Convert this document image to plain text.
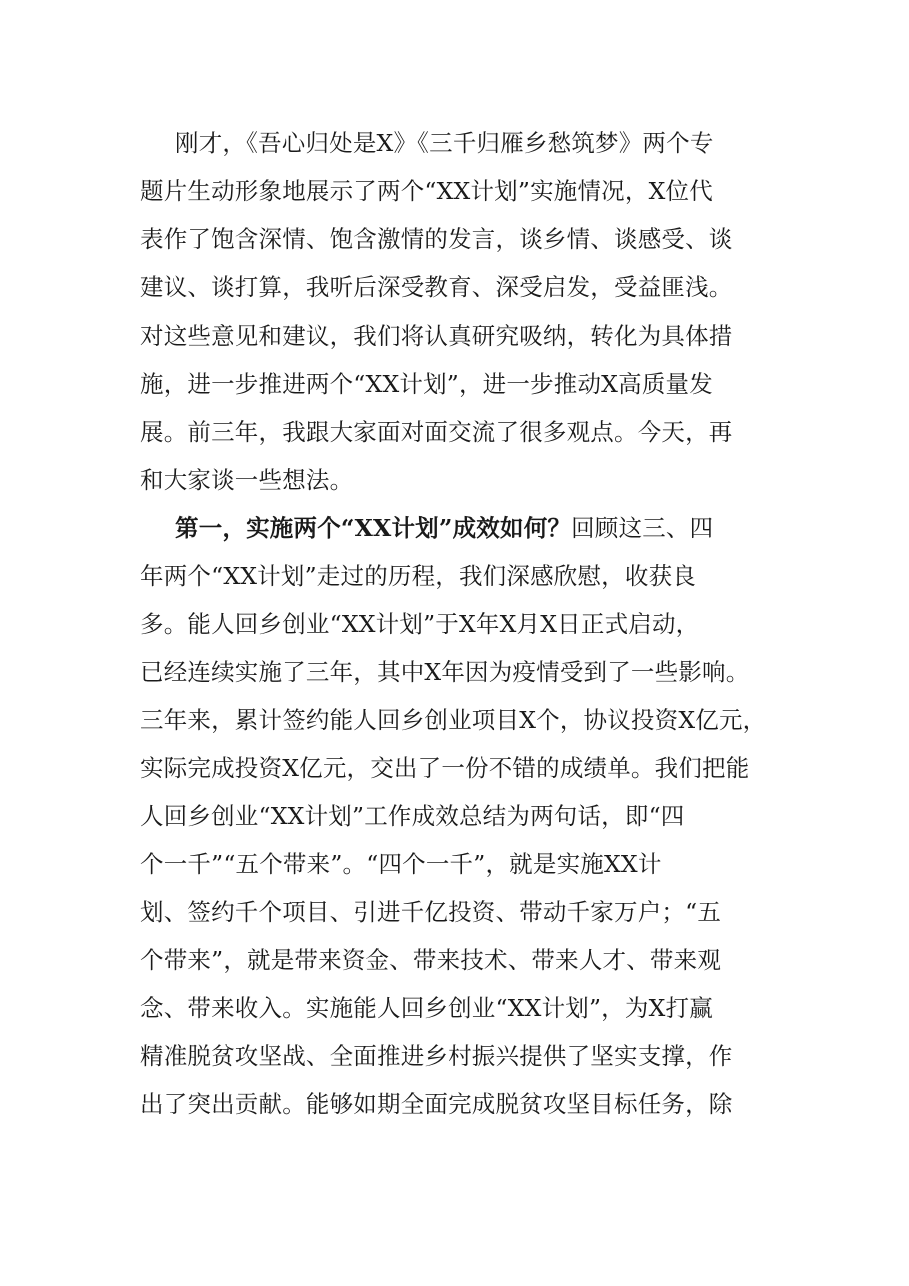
刚才，《吾心归处是X》《三千归雁乡愁筑梦》两个专
题片生动形象地展示了两个“XX计划”实施情况，X位代
表作了饱含深情、饱含激情的发言，谈乡情、谈感受、谈
建议、谈打算，我听后深受教育、深受启发，受益匪浅。
对这些意见和建议，我们将认真研究吸纳，转化为具体措
施，进一步推进两个“XX计划”，进一步推动X高质量发
展。前三年，我跟大家面对面交流了很多观点。今天，再
和大家谈一些想法。
第一，实施两个“XX计划”成效如何？回顾这三、四
年两个“XX计划”走过的历程，我们深感欣慰，收获良
多。能人回乡创业“XX计划”于X年X月X日正式启动，
已经连续实施了三年，其中X年因为疫情受到了一些影响。
三年来，累计签约能人回乡创业项目X个，协议投资X亿元，
实际完成投资X亿元，交出了一份不错的成绩单。我们把能
人回乡创业“XX计划”工作成效总结为两句话，即“四
个一千”“五个带来”。“四个一千”，就是实施XX计
划、签约千个项目、引进千亿投资、带动千家万户；“五
个带来”，就是带来资金、带来技术、带来人才、带来观
念、带来收入。实施能人回乡创业“XX计划”，为X打赢
精准脱贫攻坚战、全面推进乡村振兴提供了坚实支撑，作
出了突出贡献。能够如期全面完成脱贫攻坚目标任务，除
